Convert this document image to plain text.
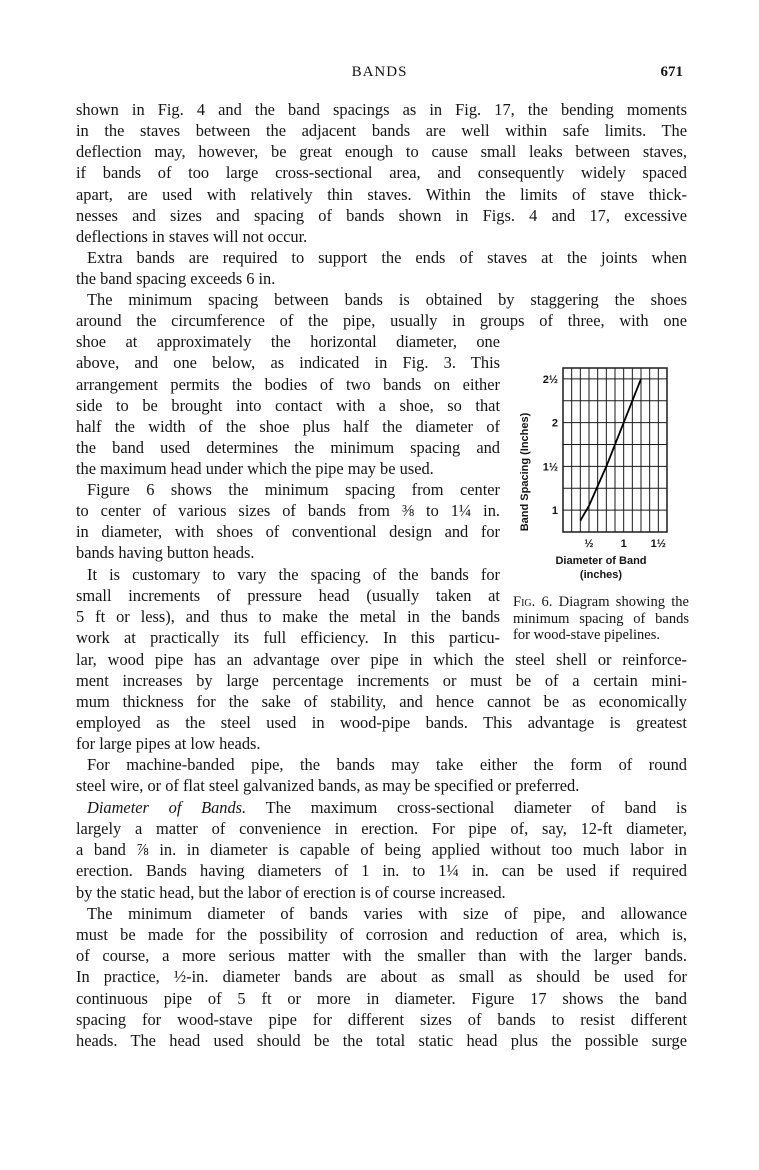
BANDS	671
shown in Fig. 4 and the band spacings as in Fig. 17, the bending moments
in the staves between the adjacent bands are well within safe limits. The
deflection may, however, be great enough to cause small leaks between staves,
if bands of too large cross-sectional area, and consequently widely spaced
apart, are used with relatively thin staves. Within the limits of stave thick-
nesses and sizes and spacing of bands shown in Figs. 4 and 17, excessive
deflections in staves will not occur.
Extra bands are required to support the ends of staves at the joints when
the band spacing exceeds 6 in.
The minimum spacing between bands is obtained by staggering the shoes
around the circumference of the pipe, usually in groups of three, with one
shoe at approximately the horizontal diameter, one
above, and one below, as indicated in Fig. 3. This
arrangement permits the bodies of two bands on either
side to be brought into contact with a shoe, so that
half the width of the shoe plus half the diameter of
the band used determines the minimum spacing and
the maximum head under which the pipe may be used.
Figure 6 shows the minimum spacing from center
to center of various sizes of bands from ⅜ to 1¼ in.
in diameter, with shoes of conventional design and for
bands having button heads.
It is customary to vary the spacing of the bands for
small increments of pressure head (usually taken at
5 ft or less), and thus to make the metal in the bands
work at practically its full efficiency. In this particu-
lar, wood pipe has an advantage over pipe in which the steel shell or reinforce-
ment increases by large percentage increments or must be of a certain mini-
mum thickness for the sake of stability, and hence cannot be as economically
employed as the steel used in wood-pipe bands. This advantage is greatest
for large pipes at low heads.
For machine-banded pipe, the bands may take either the form of round
steel wire, or of flat steel galvanized bands, as may be specified or preferred.
Diameter of Bands. The maximum cross-sectional diameter of band is
largely a matter of convenience in erection. For pipe of, say, 12-ft diameter,
a band ⅞ in. in diameter is capable of being applied without too much labor in
erection. Bands having diameters of 1 in. to 1¼ in. can be used if required
by the static head, but the labor of erection is of course increased.
The minimum diameter of bands varies with size of pipe, and allowance
must be made for the possibility of corrosion and reduction of area, which is,
of course, a more serious matter with the smaller than with the larger bands.
In practice, ½-in. diameter bands are about as small as should be used for
continuous pipe of 5 ft or more in diameter. Figure 17 shows the band
spacing for wood-stave pipe for different sizes of bands to resist different
heads. The head used should be the total static head plus the possible surge
1
1½
2
2½
½ 1 1½
Band Spacing (Inches)
Diameter of Band
(inches)
Fig. 6. Diagram showing the minimum spacing of bands for wood-stave pipelines.
